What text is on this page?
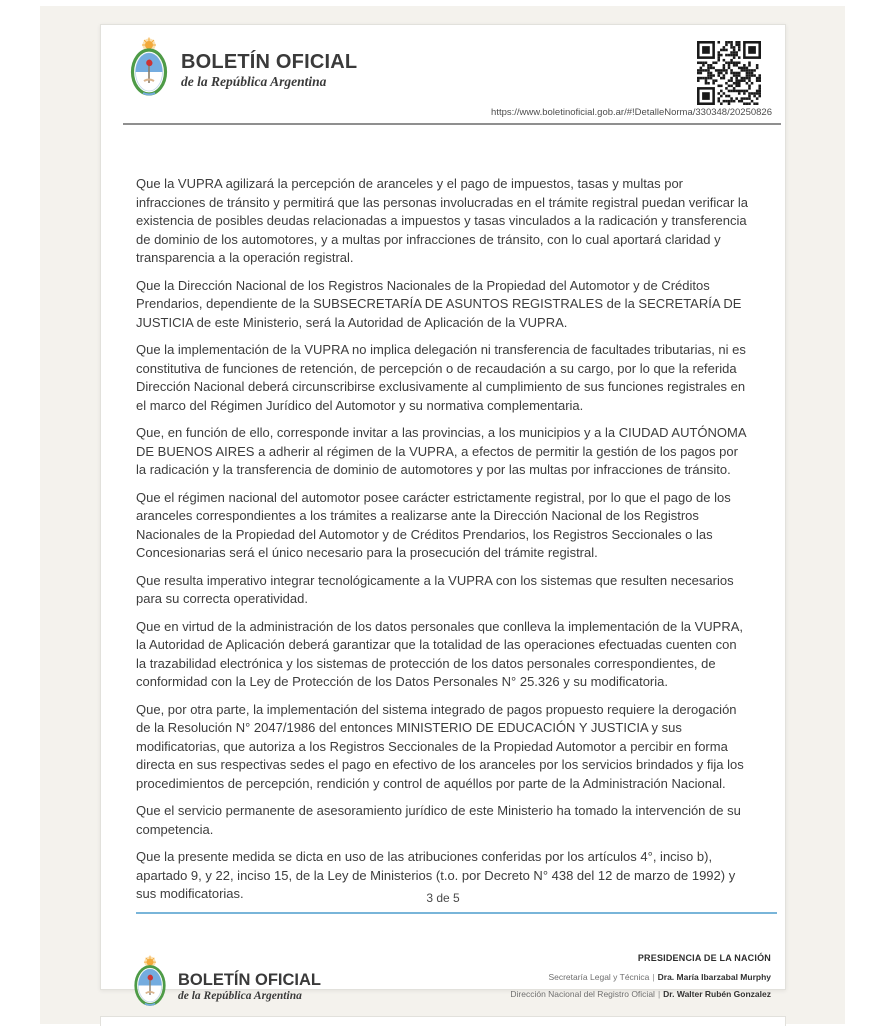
BOLETÍN OFICIAL
de la República Argentina
https://www.boletinoficial.gob.ar/#!DetalleNorma/330348/20250826

Que la VUPRA agilizará la percepción de aranceles y el pago de impuestos, tasas y multas por infracciones de tránsito y permitirá que las personas involucradas en el trámite registral puedan verificar la existencia de posibles deudas relacionadas a impuestos y tasas vinculados a la radicación y transferencia de dominio de los automotores, y a multas por infracciones de tránsito, con lo cual aportará claridad y transparencia a la operación registral.

Que la Dirección Nacional de los Registros Nacionales de la Propiedad del Automotor y de Créditos Prendarios, dependiente de la SUBSECRETARÍA DE ASUNTOS REGISTRALES de la SECRETARÍA DE JUSTICIA de este Ministerio, será la Autoridad de Aplicación de la VUPRA.

Que la implementación de la VUPRA no implica delegación ni transferencia de facultades tributarias, ni es constitutiva de funciones de retención, de percepción o de recaudación a su cargo, por lo que la referida Dirección Nacional deberá circunscribirse exclusivamente al cumplimiento de sus funciones registrales en el marco del Régimen Jurídico del Automotor y su normativa complementaria.

Que, en función de ello, corresponde invitar a las provincias, a los municipios y a la CIUDAD AUTÓNOMA DE BUENOS AIRES a adherir al régimen de la VUPRA, a efectos de permitir la gestión de los pagos por la radicación y la transferencia de dominio de automotores y por las multas por infracciones de tránsito.

Que el régimen nacional del automotor posee carácter estrictamente registral, por lo que el pago de los aranceles correspondientes a los trámites a realizarse ante la Dirección Nacional de los Registros Nacionales de la Propiedad del Automotor y de Créditos Prendarios, los Registros Seccionales o las Concesionarias será el único necesario para la prosecución del trámite registral.

Que resulta imperativo integrar tecnológicamente a la VUPRA con los sistemas que resulten necesarios para su correcta operatividad.

Que en virtud de la administración de los datos personales que conlleva la implementación de la VUPRA, la Autoridad de Aplicación deberá garantizar que la totalidad de las operaciones efectuadas cuenten con la trazabilidad electrónica y los sistemas de protección de los datos personales correspondientes, de conformidad con la Ley de Protección de los Datos Personales N° 25.326 y su modificatoria.

Que, por otra parte, la implementación del sistema integrado de pagos propuesto requiere la derogación de la Resolución N° 2047/1986 del entonces MINISTERIO DE EDUCACIÓN Y JUSTICIA y sus modificatorias, que autoriza a los Registros Seccionales de la Propiedad Automotor a percibir en forma directa en sus respectivas sedes el pago en efectivo de los aranceles por los servicios brindados y fija los procedimientos de percepción, rendición y control de aquéllos por parte de la Administración Nacional.

Que el servicio permanente de asesoramiento jurídico de este Ministerio ha tomado la intervención de su competencia.

Que la presente medida se dicta en uso de las atribuciones conferidas por los artículos 4°, inciso b), apartado 9, y 22, inciso 15, de la Ley de Ministerios (t.o. por Decreto N° 438 del 12 de marzo de 1992) y sus modificatorias.	3 de 5
BOLETÍN OFICIAL
de la República Argentina
PRESIDENCIA DE LA NACIÓN
Secretaría Legal y Técnica | Dra. María Ibarzabal Murphy
Dirección Nacional del Registro Oficial | Dr. Walter Rubén Gonzalez
